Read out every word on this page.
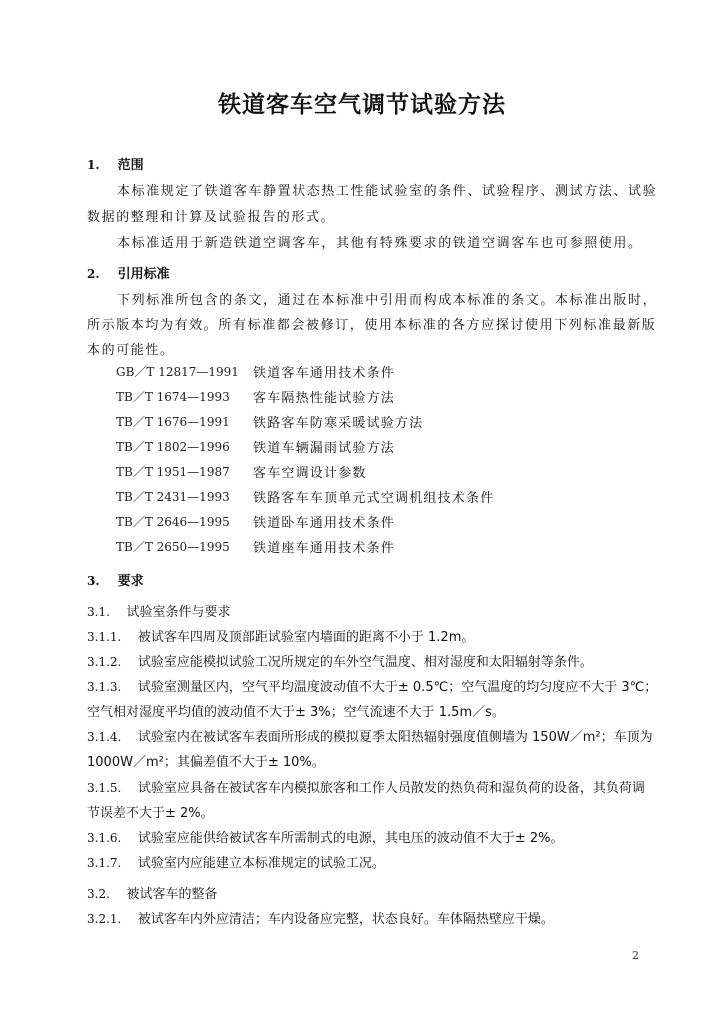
铁道客车空气调节试验方法
1. 范围
本标准规定了铁道客车静置状态热工性能试验室的条件、试验程序、测试方法、试验
数据的整理和计算及试验报告的形式。
本标准适用于新造铁道空调客车，其他有特殊要求的铁道空调客车也可参照使用。
2. 引用标准
下列标准所包含的条文，通过在本标准中引用而构成本标准的条文。本标准出版时，
所示版本均为有效。所有标准都会被修订，使用本标准的各方应探讨使用下列标准最新版
本的可能性。
GB／T 12817—1991 铁道客车通用技术条件
TB／T 1674—1993 客车隔热性能试验方法
TB／T 1676—1991 铁路客车防寒采暖试验方法
TB／T 1802—1996 铁道车辆漏雨试验方法
TB／T 1951—1987 客车空调设计参数
TB／T 2431—1993 铁路客车车顶单元式空调机组技术条件
TB／T 2646—1995 铁道卧车通用技术条件
TB／T 2650—1995 铁道座车通用技术条件
3. 要求
3.1. 试验室条件与要求
3.1.1. 被试客车四周及顶部距试验室内墙面的距离不小于 1.2m。
3.1.2. 试验室应能模拟试验工况所规定的车外空气温度、相对湿度和太阳辐射等条件。
3.1.3. 试验室测量区内，空气平均温度波动值不大于± 0.5℃；空气温度的均匀度应不大于 3℃；
空气相对湿度平均值的波动值不大于± 3%；空气流速不大于 1.5m／s。
3.1.4. 试验室内在被试客车表面所形成的模拟夏季太阳热辐射强度值侧墙为 150W／m²；车顶为
1000W／m²；其偏差值不大于± 10%。
3.1.5. 试验室应具备在被试客车内模拟旅客和工作人员散发的热负荷和湿负荷的设备，其负荷调
节误差不大于± 2%。
3.1.6. 试验室应能供给被试客车所需制式的电源，其电压的波动值不大于± 2%。
3.1.7. 试验室内应能建立本标准规定的试验工况。
3.2. 被试客车的整备
3.2.1. 被试客车内外应清洁；车内设备应完整，状态良好。车体隔热壁应干燥。
2
